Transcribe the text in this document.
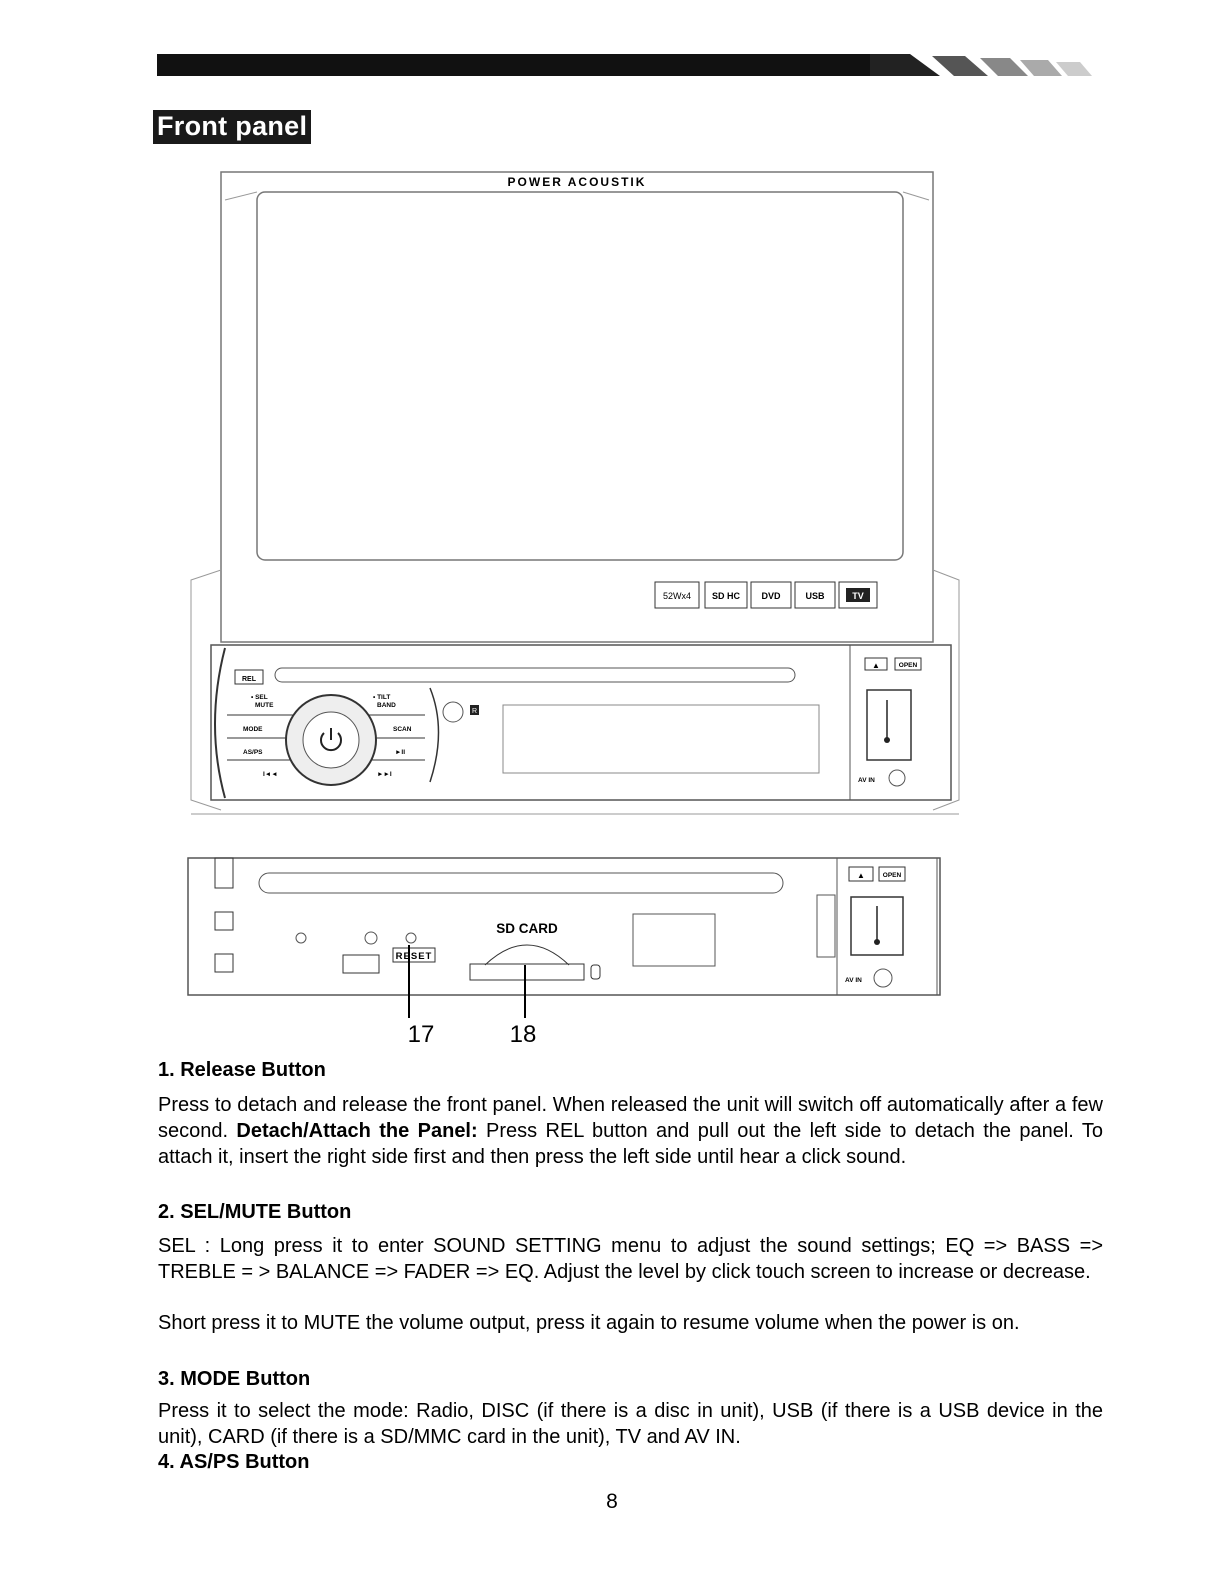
Front panel
POWER ACOUSTIK
52Wx4 SD HC DVD	USB	TV
REL
• SEL
MUTE
• TILT
BAND
MODE	SCAN
AS/PS	►II
I◄◄	►►I
R
▲	OPEN
AV IN
RESET
SD CARD
▲	OPEN
AV IN
17	18
1. Release Button
Press to detach and release the front panel. When released the unit will switch off automatically after a few second. Detach/Attach the Panel: Press REL button and pull out the left side to detach the panel. To attach it, insert the right side first and then press the left side until hear a click sound.
2. SEL/MUTE Button
SEL : Long press it to enter SOUND SETTING menu to adjust the sound settings; EQ => BASS => TREBLE = > BALANCE => FADER => EQ. Adjust the level by click touch screen to increase or decrease.
Short press it to MUTE the volume output, press it again to resume volume when the power is on.
3. MODE Button
Press it to select the mode: Radio, DISC (if there is a disc in unit), USB (if there is a USB device in the unit), CARD (if there is a SD/MMC card in the unit), TV and AV IN.
4. AS/PS Button
8
